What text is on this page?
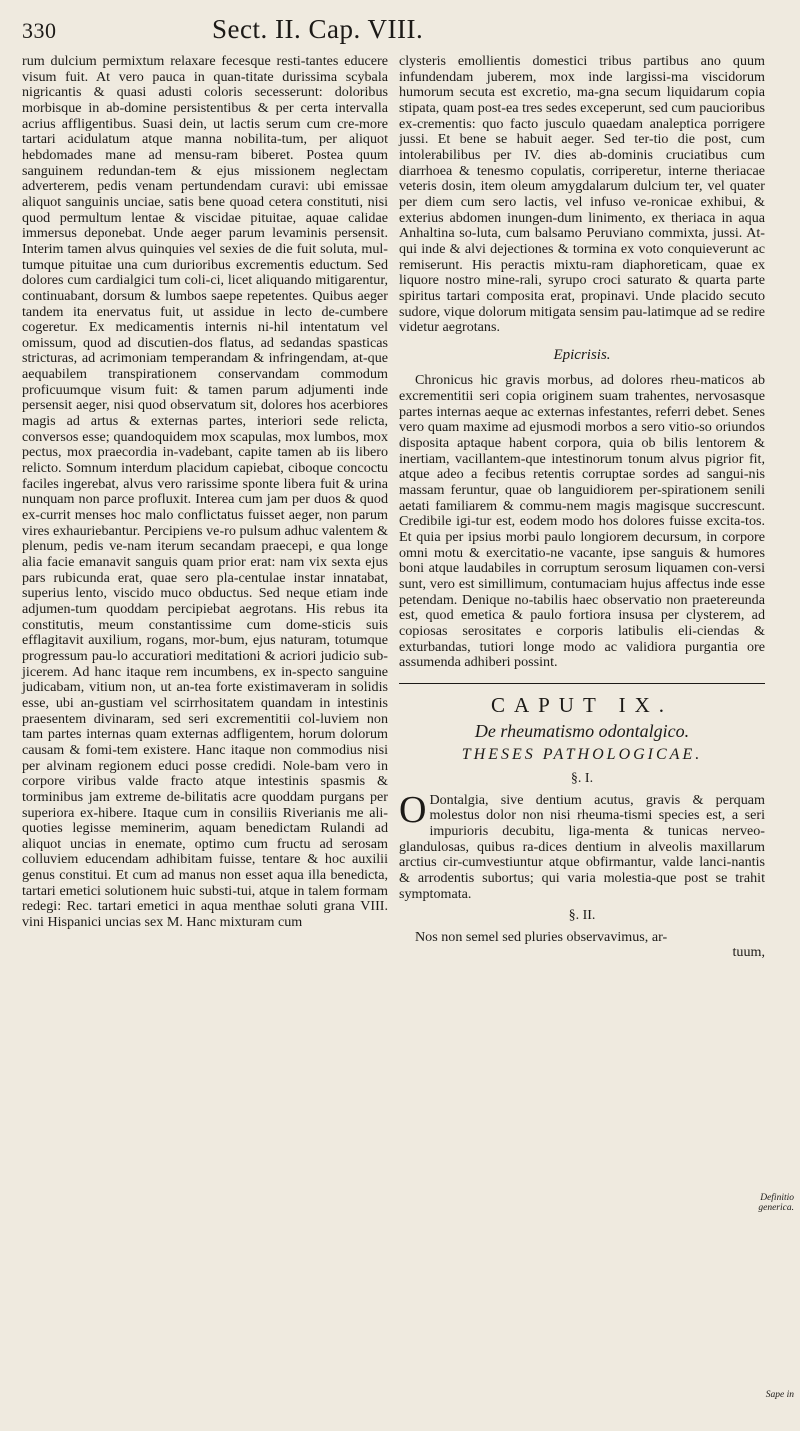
330	Sect. II. Cap. VIII.

rum dulcium permixtum relaxare fecesque resti-tantes educere visum fuit. At vero pauca in quan-titate durissima scybala nigricantis & quasi adusti coloris secesserunt: doloribus morbisque in ab-domine persistentibus & per certa intervalla acrius affligentibus. Suasi dein, ut lactis serum cum cre-more tartari acidulatum atque manna nobilita-tum, per aliquot hebdomades mane ad mensu-ram biberet. Postea quum sanguinem redundan-tem & ejus missionem neglectam adverterem, pedis venam pertundendam curavi: ubi emissae aliquot sanguinis unciae, satis bene quoad cetera constituti, nisi quod permultum lentae & viscidae pituitae, aquae calidae immersus deponebat. Unde aeger parum levaminis persensit. Interim tamen alvus quinquies vel sexies de die fuit soluta, mul-tumque pituitae una cum durioribus excrementis eductum. Sed dolores cum cardialgici tum coli-ci, licet aliquando mitigarentur, continuabant, dorsum & lumbos saepe repetentes. Quibus aeger tandem ita enervatus fuit, ut assidue in lecto de-cumbere cogeretur. Ex medicamentis internis ni-hil intentatum vel omissum, quod ad discutien-dos flatus, ad sedandas spasticas stricturas, ad acrimoniam temperandam & infringendam, at-que aequabilem transpirationem conservandam commodum proficuumque visum fuit: & tamen parum adjumenti inde persensit aeger, nisi quod observatum sit, dolores hos acerbiores magis ad artus & externas partes, interiori sede relicta, conversos esse; quandoquidem mox scapulas, mox lumbos, mox pectus, mox praecordia in-vadebant, capite tamen ab iis libero relicto. Somnum interdum placidum capiebat, ciboque concoctu faciles ingerebat, alvus vero rarissime sponte libera fuit & urina nunquam non parce profluxit. Interea cum jam per duos & quod ex-currit menses hoc malo conflictatus fuisset aeger, non parum vires exhauriebantur. Percipiens ve-ro pulsum adhuc valentem & plenum, pedis ve-nam iterum secandam praecepi, e qua longe alia facie emanavit sanguis quam prior erat: nam vix sexta ejus pars rubicunda erat, quae sero pla-centulae instar innatabat, superius lento, viscido muco obductus. Sed neque etiam inde adjumen-tum quoddam percipiebat aegrotans. His rebus ita constitutis, meum constantissime cum dome-sticis suis efflagitavit auxilium, rogans, mor-bum, ejus naturam, totumque progressum pau-lo accuratiori meditationi & acriori judicio sub-jicerem. Ad hanc itaque rem incumbens, ex in-specto sanguine judicabam, vitium non, ut an-tea forte existimaveram in solidis esse, ubi an-gustiam vel scirrhositatem quandam in intestinis praesentem divinaram, sed seri excrementitii col-luviem non tam partes internas quam externas adfligentem, horum dolorum causam & fomi-tem existere. Hanc itaque non commodius nisi per alvinam regionem educi posse credidi. Nole-bam vero in corpore viribus valde fracto atque intestinis spasmis & torminibus jam extreme de-bilitatis acre quoddam purgans per superiora ex-hibere. Itaque cum in consiliis Riverianis me ali-quoties legisse meminerim, aquam benedictam Rulandi ad aliquot uncias in enemate, optimo cum fructu ad serosam colluviem educendam adhibitam fuisse, tentare & hoc auxilii genus constitui. Et cum ad manus non esset aqua illa benedicta, tartari emetici solutionem huic substi-tui, atque in talem formam redegi: Rec. tartari emetici in aqua menthae soluti grana VIII. vini Hispanici uncias sex M. Hanc mixturam cum

clysteris emollientis domestici tribus partibus ano quum infundendam juberem, mox inde largissi-ma viscidorum humorum secuta est excretio, ma-gna secum liquidarum copia stipata, quam post-ea tres sedes exceperunt, sed cum paucioribus ex-crementis: quo facto jusculo quaedam analeptica porrigere jussi. Et bene se habuit aeger. Sed ter-tio die post, cum intolerabilibus per IV. dies ab-dominis cruciatibus cum diarrhoea & tenesmo copulatis, corriperetur, interne theriacae veteris dosin, item oleum amygdalarum dulcium ter, vel quater per diem cum sero lactis, vel infuso ve-ronicae exhibui, & exterius abdomen inungen-dum linimento, ex theriaca in aqua Anhaltina so-luta, cum balsamo Peruviano commixta, jussi. At-qui inde & alvi dejectiones & tormina ex voto conquieverunt ac remiserunt. His peractis mixtu-ram diaphoreticam, quae ex liquore nostro mine-rali, syrupo croci saturato & quarta parte spiritus tartari composita erat, propinavi. Unde placido secuto sudore, vique dolorum mitigata sensim pau-latimque ad se redire videtur aegrotans.

Epicrisis.

Chronicus hic gravis morbus, ad dolores rheu-maticos ab excrementitii seri copia originem suam trahentes, nervosasque partes internas aeque ac externas infestantes, referri debet. Senes vero quam maxime ad ejusmodi morbos a sero vitio-so oriundos disposita aptaque habent corpora, quia ob bilis lentorem & inertiam, vacillantem-que intestinorum tonum alvus pigrior fit, atque adeo a fecibus retentis corruptae sordes ad sangui-nis massam feruntur, quae ob languidiorem per-spirationem senili aetati familiarem & commu-nem magis magisque succrescunt. Credibile igi-tur est, eodem modo hos dolores fuisse excita-tos. Et quia per ipsius morbi paulo longiorem decursum, in corpore omni motu & exercitatio-ne vacante, ipse sanguis & humores boni atque laudabiles in corruptum serosum liquamen con-versi sunt, vero est simillimum, contumaciam hujus affectus inde esse petendam. Denique no-tabilis haec observatio non praetereunda est, quod emetica & paulo fortiora insusa per clysterem, ad copiosas serositates e corporis latibulis eli-ciendas & exturbandas, tutiori longe modo ac validiora purgantia ore assumenda adhiberi possint.

CAPUT IX.
De rheumatismo odontalgico.
THESES PATHOLOGICAE.
§. I.

O Dontalgia, sive dentium acutus, gravis & perquam molestus dolor non nisi rheuma-tismi species est, a seri impurioris decubitu, liga-menta & tunicas nerveo-glandulosas, quibus ra-dices dentium in alveolis maxillarum arctius cir-cumvestiuntur atque obfirmantur, valde lanci-nantis & arrodentis subortus; qui varia molestia-que post se trahit symptomata.

§. II.

Nos non semel sed pluries observavimus, ar-

tuum,

Definitio generica.
Sape in
